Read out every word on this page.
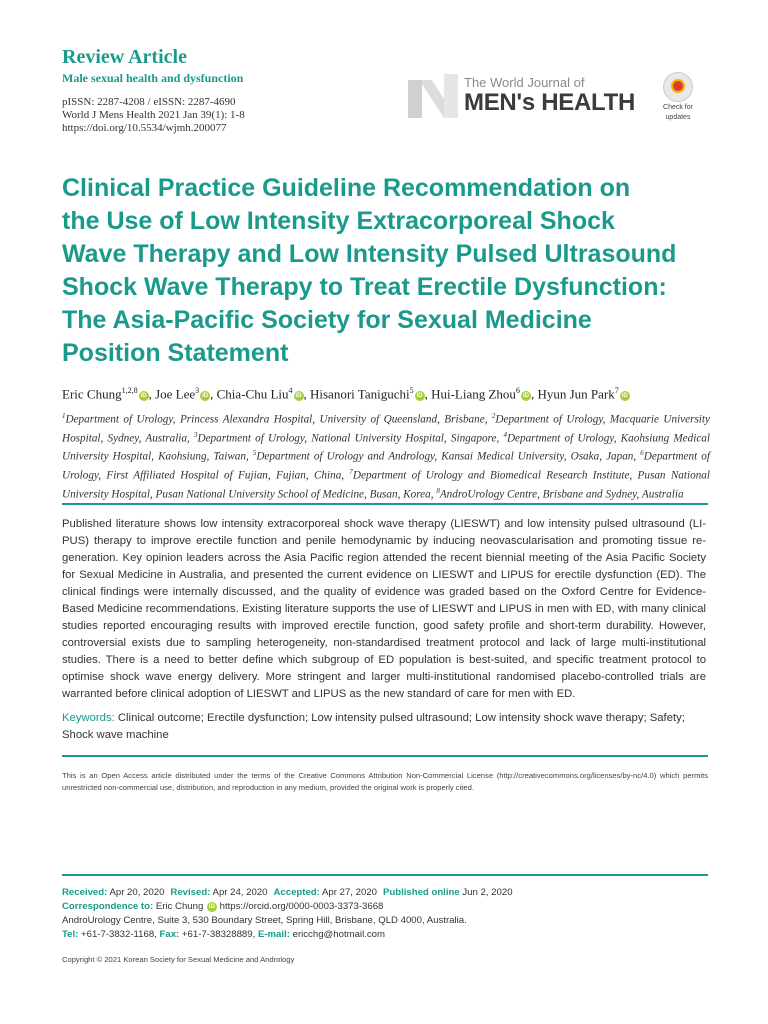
Review Article
Male sexual health and dysfunction
pISSN: 2287-4208 / eISSN: 2287-4690
World J Mens Health 2021 Jan 39(1): 1-8
https://doi.org/10.5534/wjmh.200077
The World Journal of
MEN's HEALTH	Check for
updates
Clinical Practice Guideline Recommendation on
the Use of Low Intensity Extracorporeal Shock
Wave Therapy and Low Intensity Pulsed Ultrasound
Shock Wave Therapy to Treat Erectile Dysfunction:
The Asia-Pacific Society for Sexual Medicine
Position Statement
Eric Chung$^{1,2,8}$iD , Joe Lee$^3$iD , Chia-Chu Liu$^4$iD , Hisanori Taniguchi$^5$iD , Hui-Liang Zhou$^6$iD , Hyun Jun Park$^7$iD
$^1$Department of Urology, Princess Alexandra Hospital, University of Queensland, Brisbane, $^2$Department of Urology, Macquarie University Hospital, Sydney, Australia, $^3$Department of Urology, National University Hospital, Singapore, $^4$Department of Urology, Kaohsiung Medical University Hospital, Kaohsiung, Taiwan, $^5$Department of Urology and Andrology, Kansai Medical University, Osaka, Japan, $^6$Department of Urology, First Affiliated Hospital of Fujian, Fujian, China, $^7$Department of Urology and Biomedical Research Institute, Pusan National University Hospital, Pusan National University School of Medicine, Busan, Korea, $^8$AndroUrology Centre, Brisbane and Sydney, Australia
Published literature shows low intensity extracorporeal shock wave therapy (LIESWT) and low intensity pulsed ultrasound (LI-PUS) therapy to improve erectile function and penile hemodynamic by inducing neovascularisation and promoting tissue re-generation. Key opinion leaders across the Asia Pacific region attended the recent biennial meeting of the Asia Pacific Society for Sexual Medicine in Australia, and presented the current evidence on LIESWT and LIPUS for erectile dysfunction (ED). The clinical findings were internally discussed, and the quality of evidence was graded based on the Oxford Centre for Evidence-Based Medicine recommendations. Existing literature supports the use of LIESWT and LIPUS in men with ED, with many clinical studies reported encouraging results with improved erectile function, good safety profile and short-term durability. However, controversial exists due to sampling heterogeneity, non-standardised treatment protocol and lack of large multi-institutional studies. There is a need to better define which subgroup of ED population is best-suited, and specific treatment protocol to optimise shock wave energy delivery. More stringent and larger multi-institutional randomised placebo-controlled trials are warranted before clinical adoption of LIESWT and LIPUS as the new standard of care for men with ED.
Keywords: Clinical outcome; Erectile dysfunction; Low intensity pulsed ultrasound; Low intensity shock wave therapy; Safety; Shock wave machine
This is an Open Access article distributed under the terms of the Creative Commons Attribution Non-Commercial License (http://creativecommons.org/licenses/by-nc/4.0) which permits unrestricted non-commercial use, distribution, and reproduction in any medium, provided the original work is properly cited.
Received: Apr 20, 2020 Revised: Apr 24, 2020 Accepted: Apr 27, 2020 Published online Jun 2, 2020
Correspondence to: Eric Chung iD https://orcid.org/0000-0003-3373-3668
AndroUrology Centre, Suite 3, 530 Boundary Street, Spring Hill, Brisbane, QLD 4000, Australia.
Tel: +61-7-3832-1168, Fax: +61-7-38328889, E-mail: ericchg@hotmail.com
Copyright © 2021 Korean Society for Sexual Medicine and Andrology
